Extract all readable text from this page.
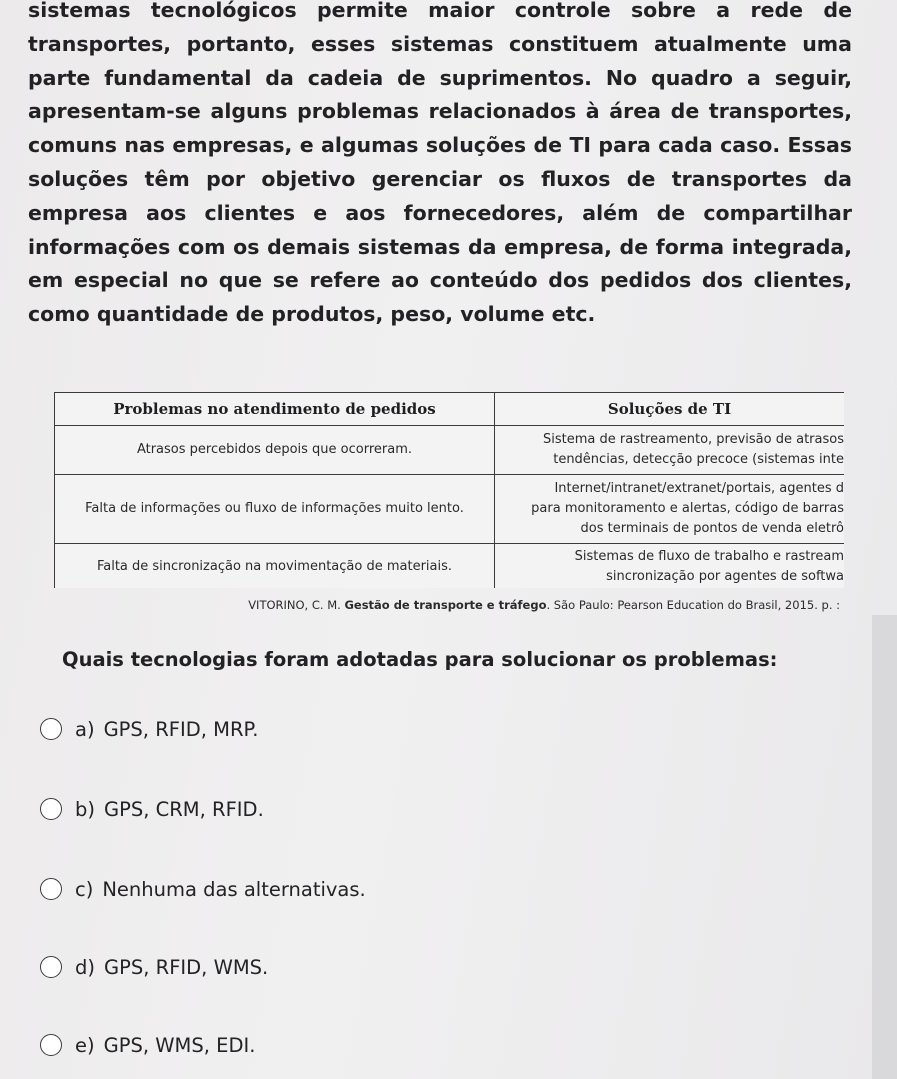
sistemas tecnológicos permite maior controle sobre a rede de transportes, portanto, esses sistemas constituem atualmente uma parte fundamental da cadeia de suprimentos. No quadro a seguir, apresentam-se alguns problemas relacionados à área de transportes, comuns nas empresas, e algumas soluções de TI para cada caso. Essas soluções têm por objetivo gerenciar os fluxos de transportes da empresa aos clientes e aos fornecedores, além de compartilhar informações com os demais sistemas da empresa, de forma integrada, em especial no que se refere ao conteúdo dos pedidos dos clientes, como quantidade de produtos, peso, volume etc.

Problemas no atendimento de pedidos	Soluções de TI
Atrasos percebidos depois que ocorreram.	Sistema de rastreamento, previsão de atrasos
tendências, detecção precoce (sistemas inte

Falta de informações ou fluxo de informações muito lento.	Internet/intranet/extranet/portais, agentes d
para monitoramento e alertas, código de barras
dos terminais de pontos de venda eletrô

Falta de sincronização na movimentação de materiais.	Sistemas de fluxo de trabalho e rastream
sincronização por agentes de softwa
VITORINO, C. M. Gestão de transporte e tráfego. São Paulo: Pearson Education do Brasil, 2015. p. :

Quais tecnologias foram adotadas para solucionar os problemas:

a) GPS, RFID, MRP.
b) GPS, CRM, RFID.
c) Nenhuma das alternativas.
d) GPS, RFID, WMS.
e) GPS, WMS, EDI.
